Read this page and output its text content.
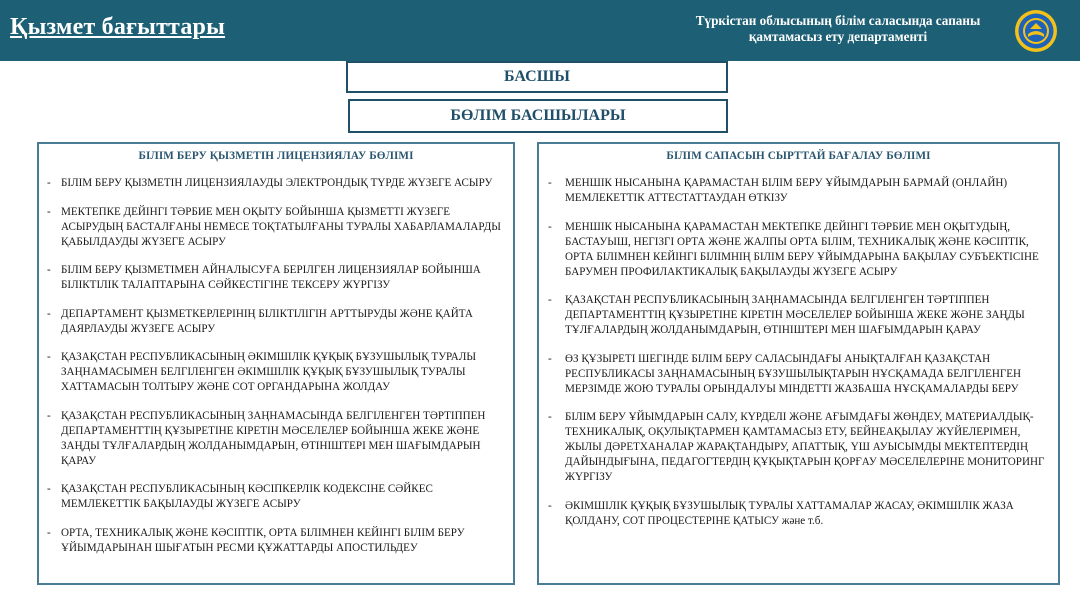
Қызмет бағыттары	Түркістан облысының білім саласында сапаны
қамтамасыз ету департаменті
БАСШЫ
БӨЛІМ БАСШЫЛАРЫ
БІЛІМ БЕРУ ҚЫЗМЕТІН ЛИЦЕНЗИЯЛАУ БӨЛІМІ
- БІЛІМ БЕРУ ҚЫЗМЕТІН ЛИЦЕНЗИЯЛАУДЫ ЭЛЕКТРОНДЫҚ ТҮРДЕ ЖҮЗЕГЕ АСЫРУ
- МЕКТЕПКЕ ДЕЙІНГІ ТӘРБИЕ МЕН ОҚЫТУ БОЙЫНША ҚЫЗМЕТТІ ЖҮЗЕГЕ АСЫРУДЫҢ БАСТАЛҒАНЫ НЕМЕСЕ ТОҚТАТЫЛҒАНЫ ТУРАЛЫ ХАБАРЛАМАЛАРДЫ ҚАБЫЛДАУДЫ ЖҮЗЕГЕ АСЫРУ
- БІЛІМ БЕРУ ҚЫЗМЕТІМЕН АЙНАЛЫСУҒА БЕРІЛГЕН ЛИЦЕНЗИЯЛАР БОЙЫНША БІЛІКТІЛІК ТАЛАПТАРЫНА СӘЙКЕСТІГІНЕ ТЕКСЕРУ ЖҮРГІЗУ
- ДЕПАРТАМЕНТ ҚЫЗМЕТКЕРЛЕРІНІҢ БІЛІКТІЛІГІН АРТТЫРУДЫ ЖӘНЕ ҚАЙТА ДАЯРЛАУДЫ ЖҮЗЕГЕ АСЫРУ
- ҚАЗАҚСТАН РЕСПУБЛИКАСЫНЫҢ ӘКІМШІЛІК ҚҰҚЫҚ БҰЗУШЫЛЫҚ ТУРАЛЫ ЗАҢНАМАСЫМЕН БЕЛГІЛЕНГЕН ӘКІМШІЛІК ҚҰҚЫҚ БҰЗУШЫЛЫҚ ТУРАЛЫ ХАТТАМАСЫН ТОЛТЫРУ ЖӘНЕ СОТ ОРГАНДАРЫНА ЖОЛДАУ
- ҚАЗАҚСТАН РЕСПУБЛИКАСЫНЫҢ ЗАҢНАМАСЫНДА БЕЛГІЛЕНГЕН ТӘРТІППЕН ДЕПАРТАМЕНТТІҢ ҚҰЗЫРЕТІНЕ КІРЕТІН МӘСЕЛЕЛЕР БОЙЫНША ЖЕКЕ ЖӘНЕ ЗАҢДЫ ТҰЛҒАЛАРДЫҢ ЖОЛДАНЫМДАРЫН, ӨТІНІШТЕРІ МЕН ШАҒЫМДАРЫН ҚАРАУ
- ҚАЗАҚСТАН РЕСПУБЛИКАСЫНЫҢ КӘСІПКЕРЛІК КОДЕКСІНЕ СӘЙКЕС МЕМЛЕКЕТТІК БАҚЫЛАУДЫ ЖҮЗЕГЕ АСЫРУ
- ОРТА, ТЕХНИКАЛЫҚ ЖӘНЕ КӘСІПТІК, ОРТА БІЛІМНЕН КЕЙІНГІ БІЛІМ БЕРУ ҰЙЫМДАРЫНАН ШЫҒАТЫН РЕСМИ ҚҰЖАТТАРДЫ АПОСТИЛЬДЕУ
БІЛІМ САПАСЫН СЫРТТАЙ БАҒАЛАУ БӨЛІМІ
- МЕНШІК НЫСАНЫНА ҚАРАМАСТАН БІЛІМ БЕРУ ҰЙЫМДАРЫН БАРМАЙ (ОНЛАЙН) МЕМЛЕКЕТТІК АТТЕСТАТТАУДАН ӨТКІЗУ
- МЕНШІК НЫСАНЫНА ҚАРАМАСТАН МЕКТЕПКЕ ДЕЙІНГІ ТӘРБИЕ МЕН ОҚЫТУДЫҢ, БАСТАУЫШ, НЕГІЗГІ ОРТА ЖӘНЕ ЖАЛПЫ ОРТА БІЛІМ, ТЕХНИКАЛЫҚ ЖӘНЕ КӘСІПТІК, ОРТА БІЛІМНЕН КЕЙІНГІ БІЛІМНІҢ БІЛІМ БЕРУ ҰЙЫМДАРЫНА БАҚЫЛАУ СУБЪЕКТІСІНЕ БАРУМЕН ПРОФИЛАКТИКАЛЫҚ БАҚЫЛАУДЫ ЖҮЗЕГЕ АСЫРУ
- ҚАЗАҚСТАН РЕСПУБЛИКАСЫНЫҢ ЗАҢНАМАСЫНДА БЕЛГІЛЕНГЕН ТӘРТІППЕН ДЕПАРТАМЕНТТІҢ ҚҰЗЫРЕТІНЕ КІРЕТІН МӘСЕЛЕЛЕР БОЙЫНША ЖЕКЕ ЖӘНЕ ЗАҢДЫ ТҰЛҒАЛАРДЫҢ ЖОЛДАНЫМДАРЫН, ӨТІНІШТЕРІ МЕН ШАҒЫМДАРЫН ҚАРАУ
- ӨЗ ҚҰЗЫРЕТІ ШЕГІНДЕ БІЛІМ БЕРУ САЛАСЫНДАҒЫ АНЫҚТАЛҒАН ҚАЗАҚСТАН РЕСПУБЛИКАСЫ ЗАҢНАМАСЫНЫҢ БҰЗУШЫЛЫҚТАРЫН НҰСҚАМАДА БЕЛГІЛЕНГЕН МЕРЗІМДЕ ЖОЮ ТУРАЛЫ ОРЫНДАЛУЫ МІНДЕТТІ ЖАЗБАША НҰСҚАМАЛАРДЫ БЕРУ
- БІЛІМ БЕРУ ҰЙЫМДАРЫН САЛУ, КҮРДЕЛІ ЖӘНЕ АҒЫМДАҒЫ ЖӨНДЕУ, МАТЕРИАЛДЫҚ-ТЕХНИКАЛЫҚ, ОҚУЛЫҚТАРМЕН ҚАМТАМАСЫЗ ЕТУ, БЕЙНЕАҚЫЛАУ ЖҮЙЕЛЕРІМЕН, ЖЫЛЫ ДӘРЕТХАНАЛАР ЖАРАҚТАНДЫРУ, АПАТТЫҚ, ҮШ АУЫСЫМДЫ МЕКТЕПТЕРДІҢ ДАЙЫНДЫҒЫНА, ПЕДАГОГТЕРДІҢ ҚҰҚЫҚТАРЫН ҚОРҒАУ МӘСЕЛЕЛЕРІНЕ МОНИТОРИНГ ЖҮРГІЗУ
- ӘКІМШІЛІК ҚҰҚЫҚ БҰЗУШЫЛЫҚ ТУРАЛЫ ХАТТАМАЛАР ЖАСАУ, ӘКІМШІЛІК ЖАЗА ҚОЛДАНУ, СОТ ПРОЦЕСТЕРІНЕ ҚАТЫСУ және т.б.
